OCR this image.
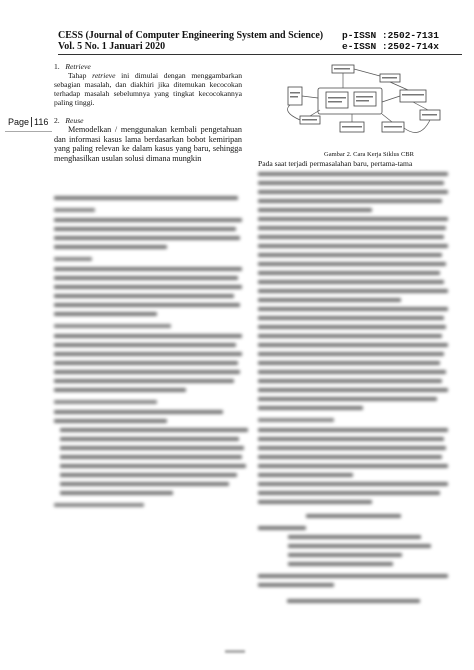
CESS (Journal of Computer Engineering System and Science)
Vol. 5 No. 1 Januari 2020
p-ISSN :2502-7131
e-ISSN :2502-714x
Page 116

1. Retrieve

Tahap retrieve ini dimulai dengan menggambarkan sebagian masalah, dan diakhiri jika ditemukan kecocokan terhadap masalah sebelumnya yang tingkat kecocokannya paling tinggi.

2. Reuse

Memodelkan / menggunakan kembali pengetahuan dan informasi kasus lama berdasarkan bobot kemiripan yang paling relevan ke dalam kasus yang baru, sehingga menghasilkan usulan solusi dimana mungkin	Gambar 2. Cara Kerja Siklus CBR
Pada saat terjadi permasalahan baru, pertama-tama
